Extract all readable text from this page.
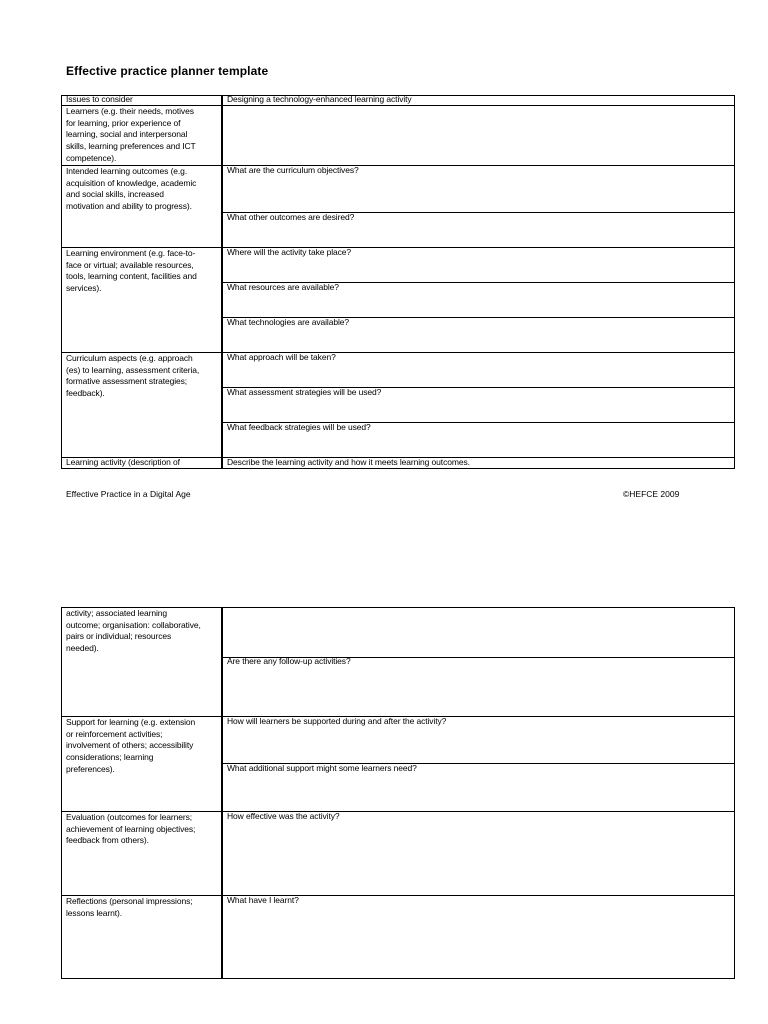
Effective practice planner template
Issues to consider
Learners (e.g. their needs, motives
for learning, prior experience of
learning, social and interpersonal
skills, learning preferences and ICT
competence).
Intended learning outcomes (e.g.
acquisition of knowledge, academic
and social skills, increased
motivation and ability to progress).
Learning environment (e.g. face-to-
face or virtual; available resources,
tools, learning content, facilities and
services).
Curriculum aspects (e.g. approach
(es) to learning, assessment criteria,
formative assessment strategies;
feedback).
Learning activity (description of
Designing a technology-enhanced learning activity
What are the curriculum objectives?
What other outcomes are desired?
Where will the activity take place?
What resources are available?
What technologies are available?
What approach will be taken?
What assessment strategies will be used?
What feedback strategies will be used?
Describe the learning activity and how it meets learning outcomes.
Effective Practice in a Digital Age	©HEFCE 2009
activity; associated learning
outcome; organisation: collaborative,
pairs or individual; resources
needed).
Support for learning (e.g. extension
or reinforcement activities;
involvement of others; accessibility
considerations; learning
preferences).
Evaluation (outcomes for learners;
achievement of learning objectives;
feedback from others).
Reflections (personal impressions;
lessons learnt).
Are there any follow-up activities?
How will learners be supported during and after the activity?
What additional support might some learners need?
How effective was the activity?
What have I learnt?
